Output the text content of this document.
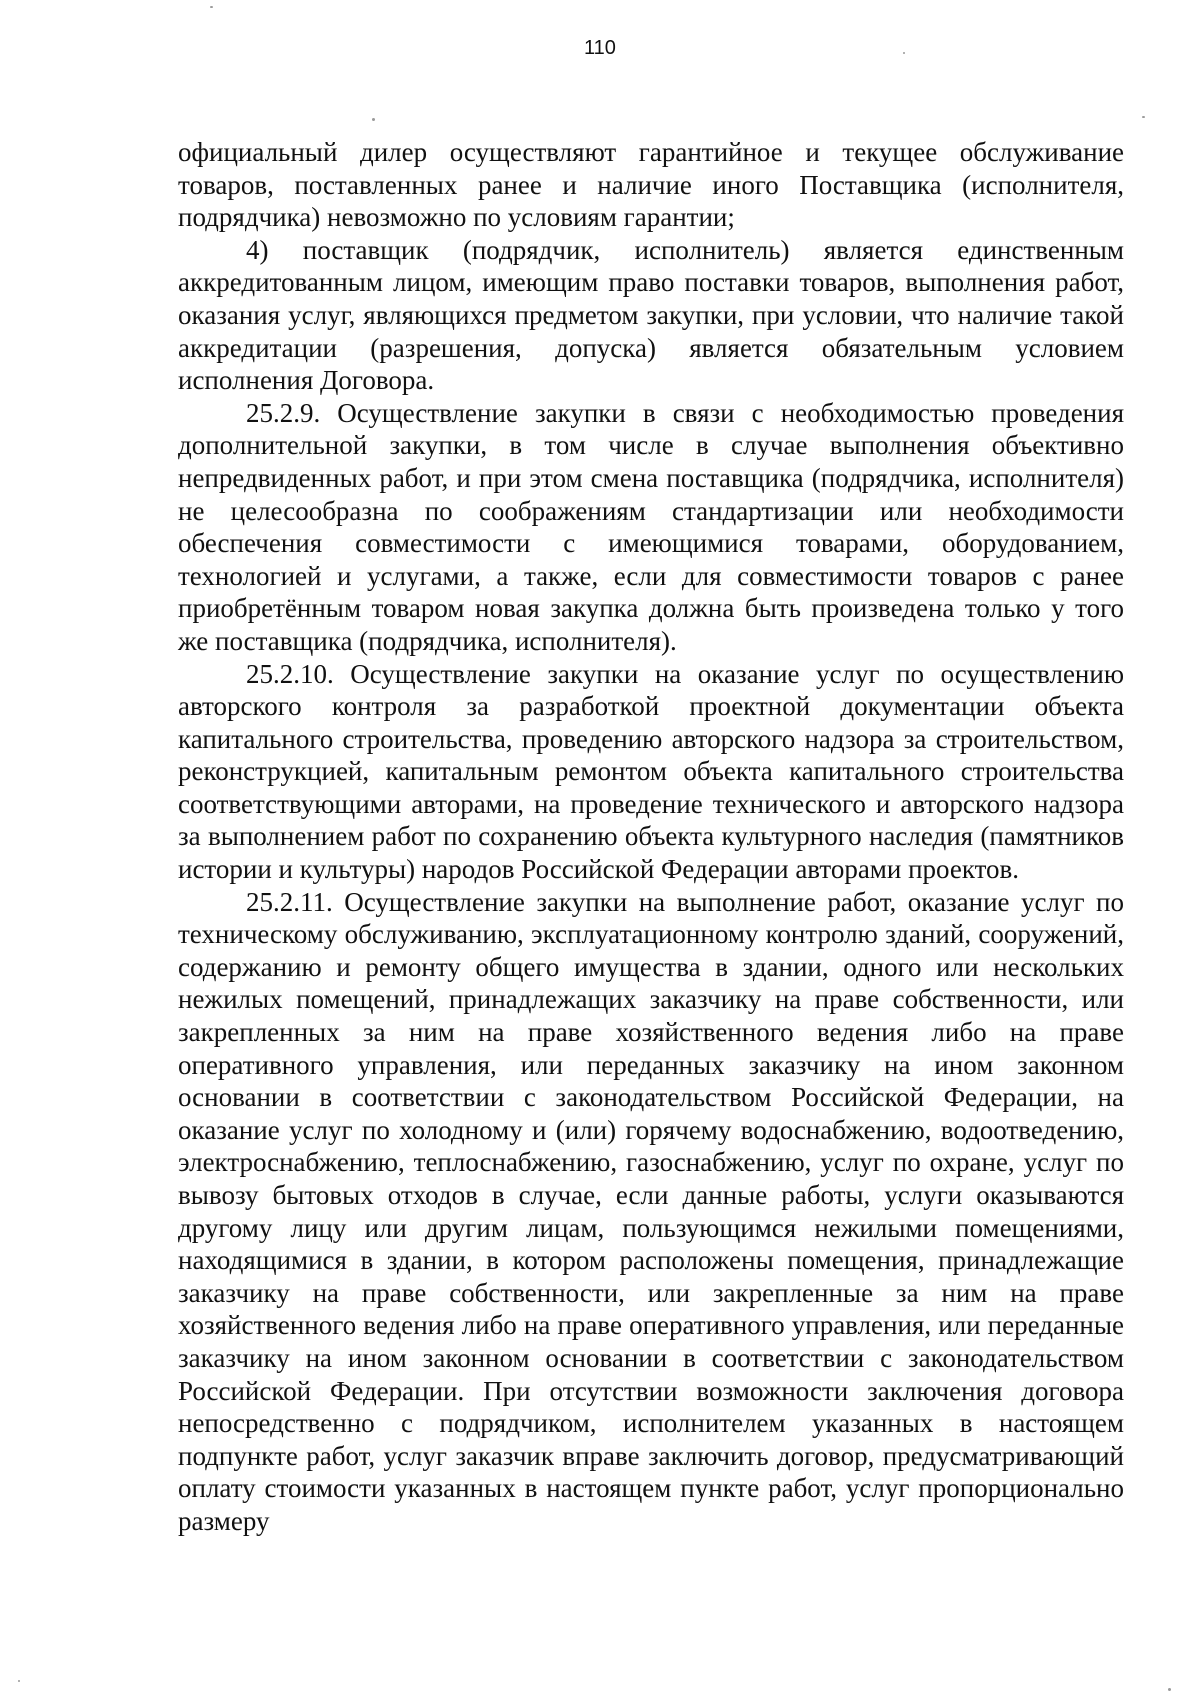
110

официальный дилер осуществляют гарантийное и текущее обслуживание товаров, поставленных ранее и наличие иного Поставщика (исполнителя, подрядчика) невозможно по условиям гарантии;

4) поставщик (подрядчик, исполнитель) является единственным аккредитованным лицом, имеющим право поставки товаров, выполнения работ, оказания услуг, являющихся предметом закупки, при условии, что наличие такой аккредитации (разрешения, допуска) является обязательным условием исполнения Договора.

25.2.9. Осуществление закупки в связи с необходимостью проведения дополнительной закупки, в том числе в случае выполнения объективно непредвиденных работ, и при этом смена поставщика (подрядчика, исполнителя) не целесообразна по соображениям стандартизации или необходимости обеспечения совместимости с имеющимися товарами, оборудованием, технологией и услугами, а также, если для совместимости товаров с ранее приобретённым товаром новая закупка должна быть произведена только у того же поставщика (подрядчика, исполнителя).

25.2.10. Осуществление закупки на оказание услуг по осуществлению авторского контроля за разработкой проектной документации объекта капитального строительства, проведению авторского надзора за строительством, реконструкцией, капитальным ремонтом объекта капитального строительства соответствующими авторами, на проведение технического и авторского надзора за выполнением работ по сохранению объекта культурного наследия (памятников истории и культуры) народов Российской Федерации авторами проектов.

25.2.11. Осуществление закупки на выполнение работ, оказание услуг по техническому обслуживанию, эксплуатационному контролю зданий, сооружений, содержанию и ремонту общего имущества в здании, одного или нескольких нежилых помещений, принадлежащих заказчику на праве собственности, или закрепленных за ним на праве хозяйственного ведения либо на праве оперативного управления, или переданных заказчику на ином законном основании в соответствии с законодательством Российской Федерации, на оказание услуг по холодному и (или) горячему водоснабжению, водоотведению, электроснабжению, теплоснабжению, газоснабжению, услуг по охране, услуг по вывозу бытовых отходов в случае, если данные работы, услуги оказываются другому лицу или другим лицам, пользующимся нежилыми помещениями, находящимися в здании, в котором расположены помещения, принадлежащие заказчику на праве собственности, или закрепленные за ним на праве хозяйственного ведения либо на праве оперативного управления, или переданные заказчику на ином законном основании в соответствии с законодательством Российской Федерации. При отсутствии возможности заключения договора непосредственно с подрядчиком, исполнителем указанных в настоящем подпункте работ, услуг заказчик вправе заключить договор, предусматривающий оплату стоимости указанных в настоящем пункте работ, услуг пропорционально размеру
